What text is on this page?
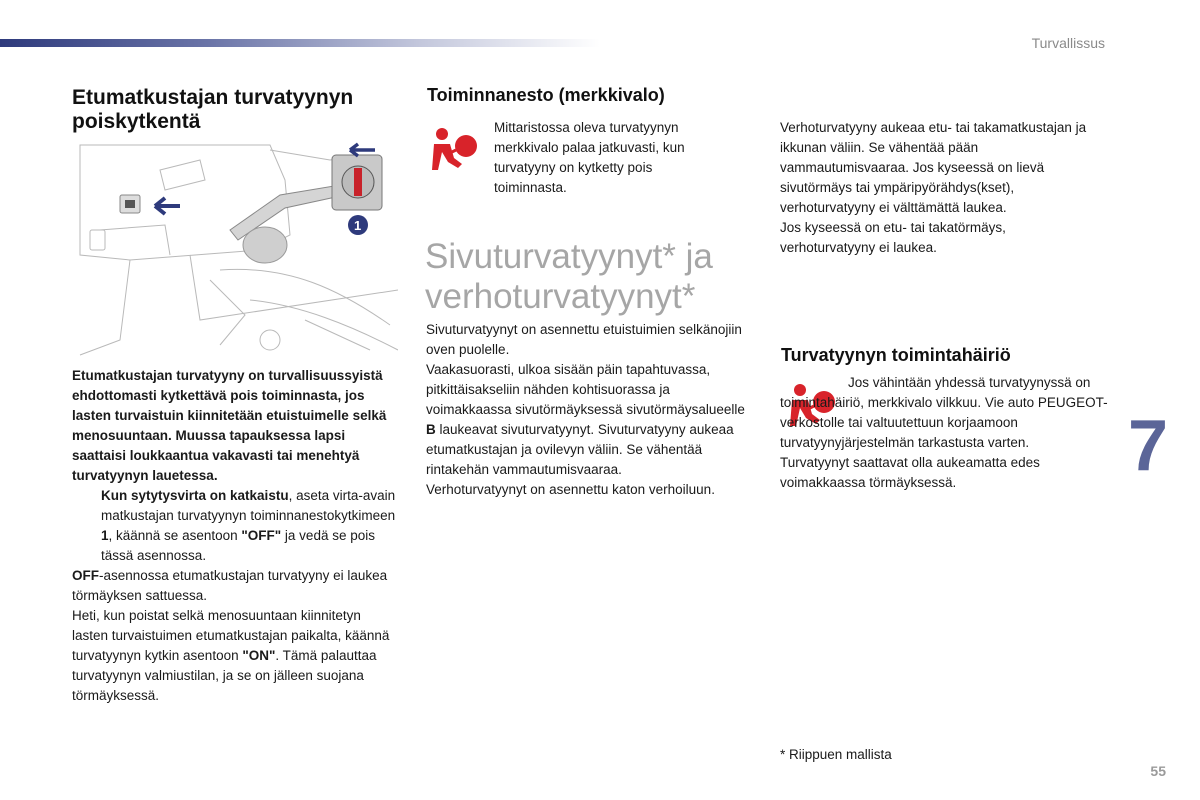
Turvallissus
7
55
Etumatkustajan turvatyynyn poiskytkentä
1

Etumatkustajan turvatyyny on turvallisuussyistä ehdottomasti kytkettävä pois toiminnasta, jos lasten turvaistuin kiinnitetään etuistuimelle selkä menosuuntaan. Muussa tapauksessa lapsi saattaisi loukkaantua vakavasti tai menehtyä turvatyynyn lauetessa.

Kun sytytysvirta on katkaistu, aseta virta-avain matkustajan turvatyynyn toiminnanestokytkimeen 1, käännä se asentoon "OFF" ja vedä se pois tässä asennossa.

OFF-asennossa etumatkustajan turvatyyny ei laukea törmäyksen sattuessa.

Heti, kun poistat selkä menosuuntaan kiinnitetyn lasten turvaistuimen etumatkustajan paikalta, käännä turvatyynyn kytkin asentoon "ON". Tämä palauttaa turvatyynyn valmiustilan, ja se on jälleen suojana törmäyksessä.

Toiminnanesto (merkkivalo)
Mittaristossa oleva turvatyynyn merkkivalo palaa jatkuvasti, kun turvatyyny on kytketty pois toiminnasta.
Sivuturvatyynyt* ja verhoturvatyynyt*

Sivuturvatyynyt on asennettu etuistuimien selkänojiin oven puolelle.

Vaakasuorasti, ulkoa sisään päin tapahtuvassa, pitkittäisakseliin nähden kohtisuorassa ja voimakkaassa sivutörmäyksessä sivutörmäysalueelle B laukeavat sivuturvatyynyt. Sivuturvatyyny aukeaa etumatkustajan ja ovilevyn väliin. Se vähentää rintakehän vammautumisvaaraa.

Verhoturvatyynyt on asennettu katon verhoiluun.

Verhoturvatyyny aukeaa etu- tai takamatkustajan ja ikkunan väliin. Se vähentää pään vammautumisvaaraa. Jos kyseessä on lievä sivutörmäys tai ympäripyörähdys(kset), verhoturvatyyny ei välttämättä laukea.

Jos kyseessä on etu- tai takatörmäys, verhoturvatyyny ei laukea.

Turvatyynyn toimintahäiriö

Jos vähintään yhdessä turvatyynyssä on toimintahäiriö, merkkivalo vilkkuu. Vie auto PEUGEOT-verkostolle tai valtuutettuun korjaamoon turvatyynyjärjestelmän tarkastusta varten.

Turvatyynyt saattavat olla aukeamatta edes voimakkaassa törmäyksessä.

* Riippuen mallista
